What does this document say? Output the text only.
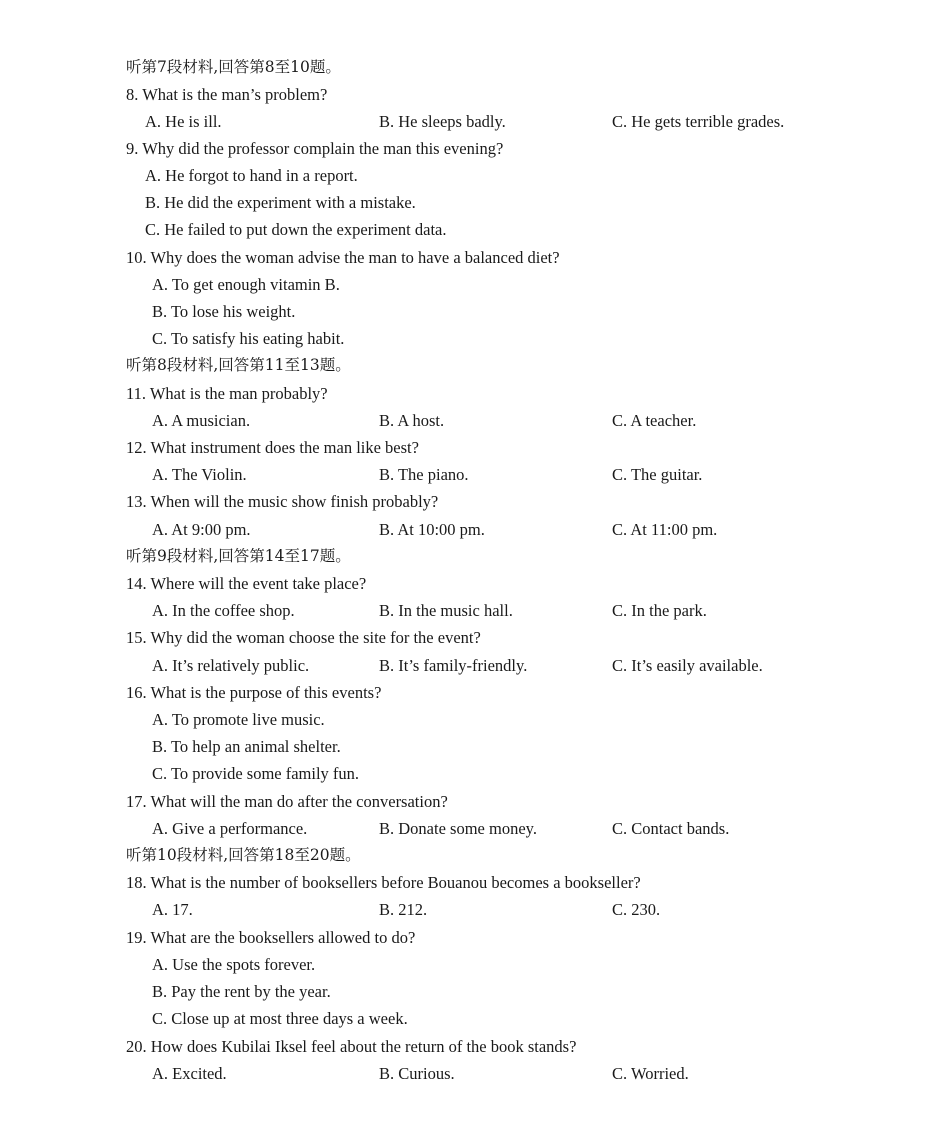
听第7段材料,回答第8至10题。
8. What is the man’s problem?
A. He is ill.	B. He sleeps badly.	C. He gets terrible grades.
9. Why did the professor complain the man this evening?
A. He forgot to hand in a report.
B. He did the experiment with a mistake.
C. He failed to put down the experiment data.
10. Why does the woman advise the man to have a balanced diet?
A. To get enough vitamin B.
B. To lose his weight.
C. To satisfy his eating habit.
听第8段材料,回答第11至13题。
11. What is the man probably?
A. A musician.	B. A host.	C. A teacher.
12. What instrument does the man like best?
A. The Violin.	B. The piano.	C. The guitar.
13. When will the music show finish probably?
A. At 9:00 pm.	B. At 10:00 pm.	C. At 11:00 pm.
听第9段材料,回答第14至17题。
14. Where will the event take place?
A. In the coffee shop.	B. In the music hall.	C. In the park.
15. Why did the woman choose the site for the event?
A. It’s relatively public.	B. It’s family-friendly.	C. It’s easily available.
16. What is the purpose of this events?
A. To promote live music.
B. To help an animal shelter.
C. To provide some family fun.
17. What will the man do after the conversation?
A. Give a performance.	B. Donate some money.	C. Contact bands.
听第10段材料,回答第18至20题。
18. What is the number of booksellers before Bouanou becomes a bookseller?
A. 17.	B. 212.	C. 230.
19. What are the booksellers allowed to do?
A. Use the spots forever.
B. Pay the rent by the year.
C. Close up at most three days a week.
20. How does Kubilai Iksel feel about the return of the book stands?
A. Excited.	B. Curious.	C. Worried.
